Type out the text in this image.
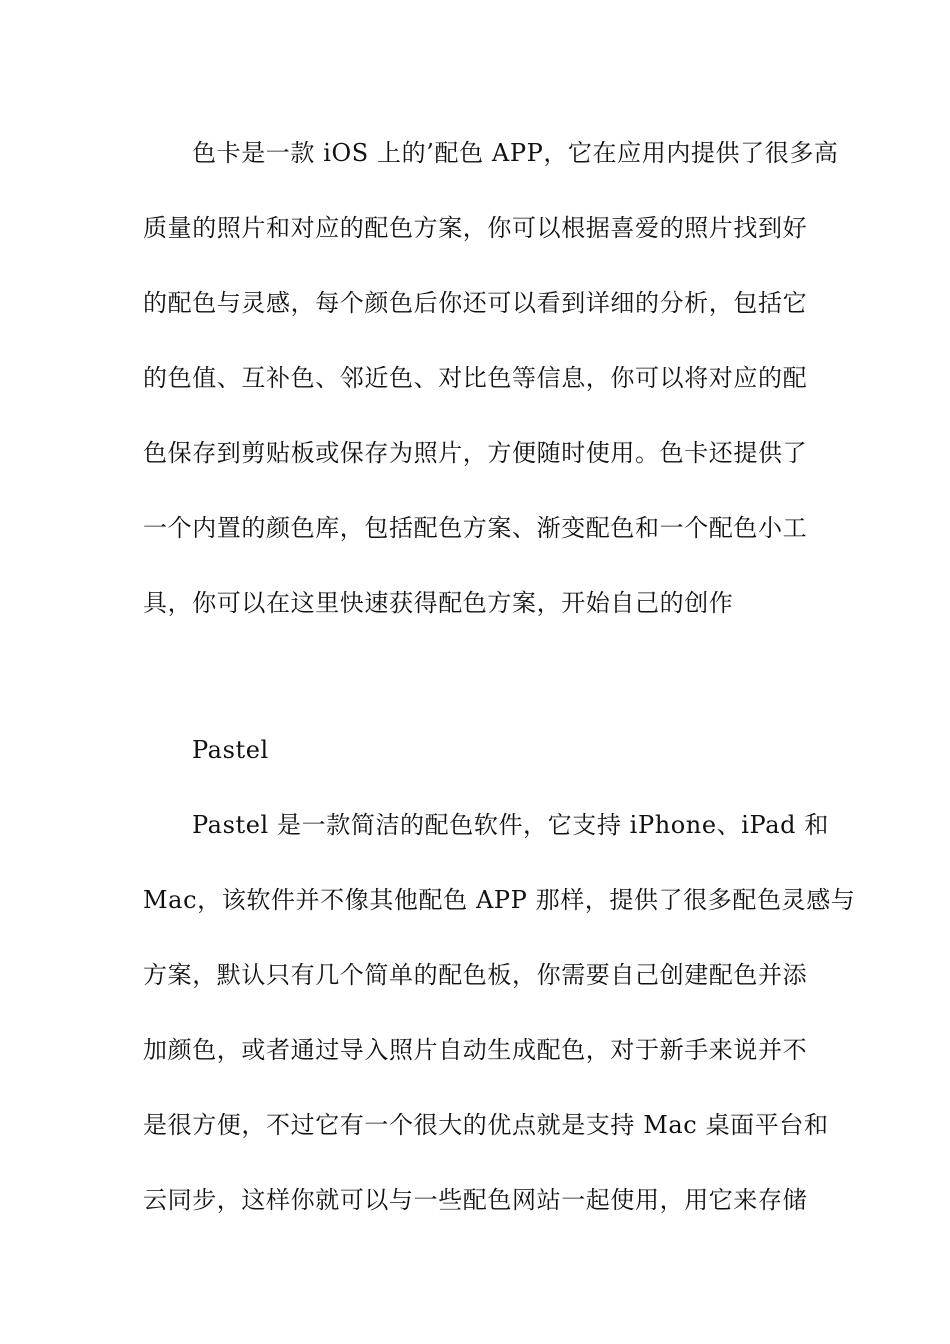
色卡是一款 iOS 上的’配色 APP，它在应用内提供了很多高
质量的照片和对应的配色方案，你可以根据喜爱的照片找到好
的配色与灵感，每个颜色后你还可以看到详细的分析，包括它
的色值、互补色、邻近色、对比色等信息，你可以将对应的配
色保存到剪贴板或保存为照片，方便随时使用。色卡还提供了
一个内置的颜色库，包括配色方案、渐变配色和一个配色小工
具，你可以在这里快速获得配色方案，开始自己的创作
Pastel
Pastel 是一款简洁的配色软件，它支持 iPhone、iPad 和
Mac，该软件并不像其他配色 APP 那样，提供了很多配色灵感与
方案，默认只有几个简单的配色板，你需要自己创建配色并添
加颜色，或者通过导入照片自动生成配色，对于新手来说并不
是很方便，不过它有一个很大的优点就是支持 Mac 桌面平台和
云同步，这样你就可以与一些配色网站一起使用，用它来存储
